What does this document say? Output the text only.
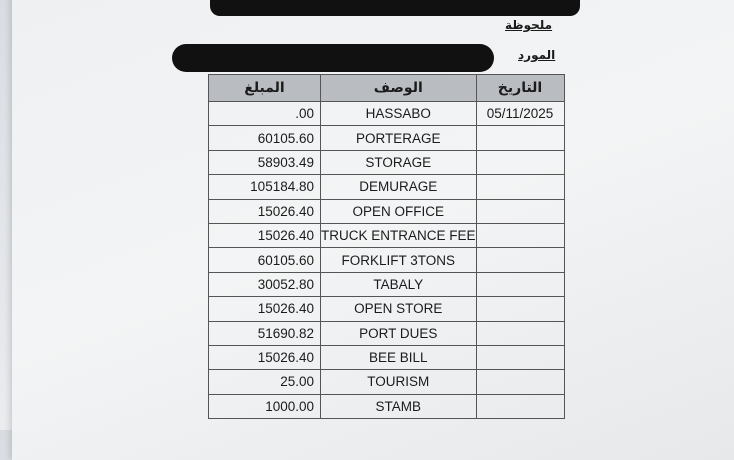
ملحوظة
المورد
المبلغ	الوصف	التاريخ
.00	HASSABO	05/11/2025
60105.60	PORTERAGE	
58903.49	STORAGE	
105184.80	DEMURAGE	
15026.40	OPEN OFFICE	
15026.40	TRUCK ENTRANCE FEE	
60105.60	FORKLIFT 3TONS	
30052.80	TABALY	
15026.40	OPEN STORE	
51690.82	PORT DUES	
15026.40	BEE BILL	
25.00	TOURISM	
1000.00	STAMB	
